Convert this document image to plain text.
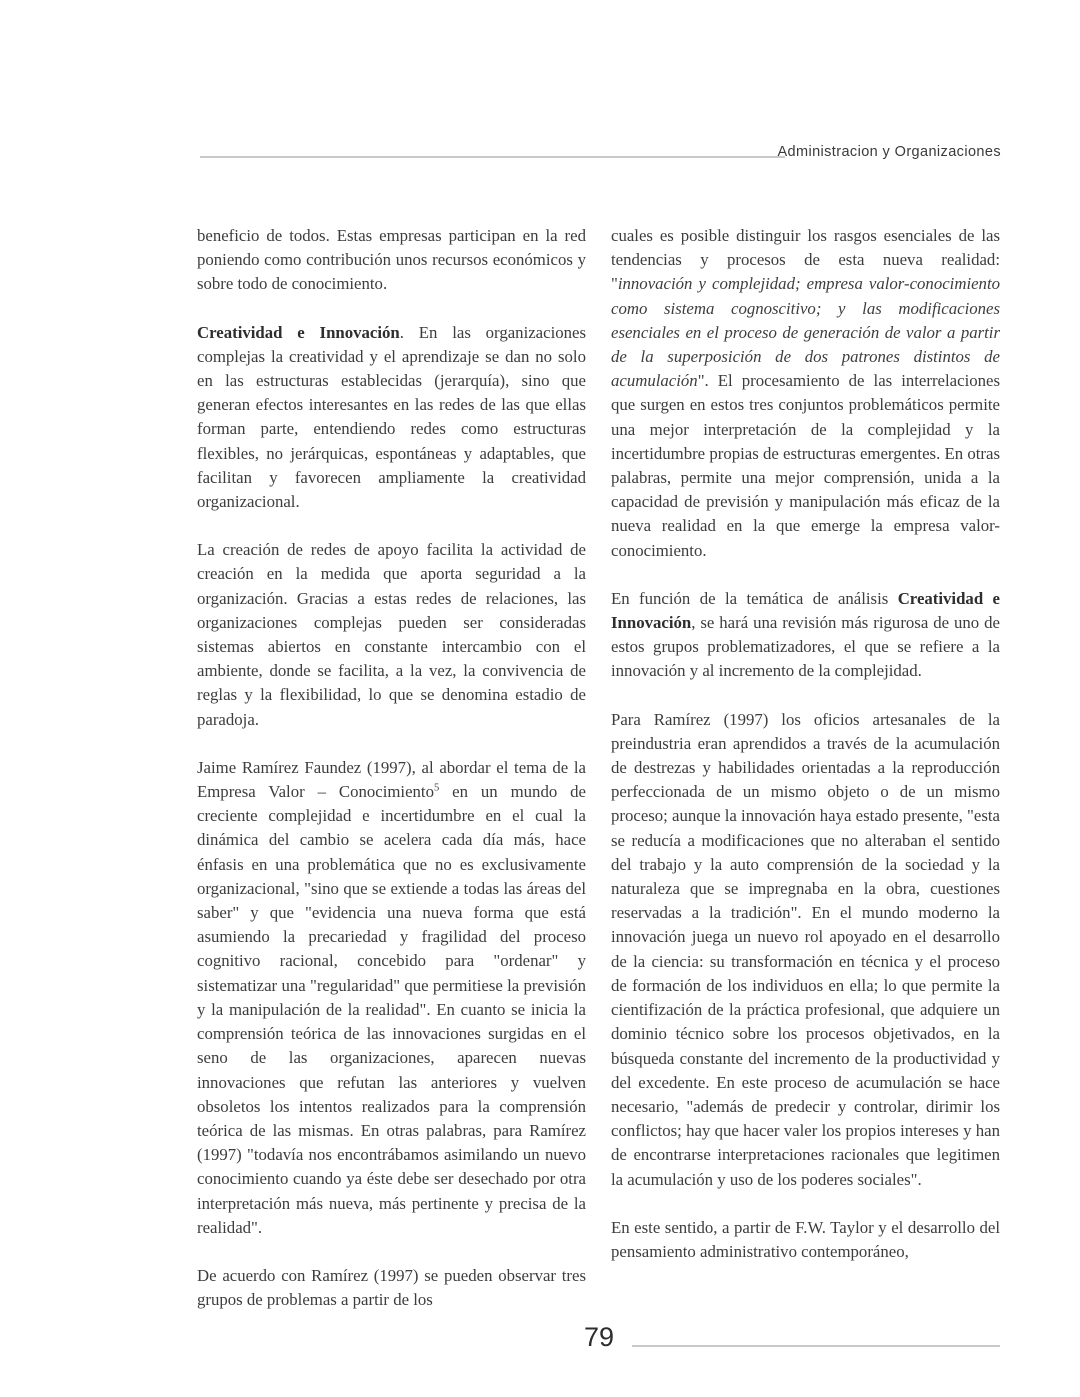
Administracion y Organizaciones

beneficio de todos. Estas empresas participan en la red poniendo como contribución unos recursos económicos y sobre todo de conocimiento.

Creatividad e Innovación. En las organizaciones complejas la creatividad y el aprendizaje se dan no solo en las estructuras establecidas (jerarquía), sino que generan efectos interesantes en las redes de las que ellas forman parte, entendiendo redes como estructuras flexibles, no jerárquicas, espontáneas y adaptables, que facilitan y favorecen ampliamente la creatividad organizacional.

La creación de redes de apoyo facilita la actividad de creación en la medida que aporta seguridad a la organización. Gracias a estas redes de relaciones, las organizaciones complejas pueden ser consideradas sistemas abiertos en constante intercambio con el ambiente, donde se facilita, a la vez, la convivencia de reglas y la flexibilidad, lo que se denomina estadio de paradoja.

Jaime Ramírez Faundez (1997), al abordar el tema de la Empresa Valor – Conocimiento$^5$ en un mundo de creciente complejidad e incertidumbre en el cual la dinámica del cambio se acelera cada día más, hace énfasis en una problemática que no es exclusivamente organizacional, "sino que se extiende a todas las áreas del saber" y que "evidencia una nueva forma que está asumiendo la precariedad y fragilidad del proceso cognitivo racional, concebido para "ordenar" y sistematizar una "regularidad" que permitiese la previsión y la manipulación de la realidad". En cuanto se inicia la comprensión teórica de las innovaciones surgidas en el seno de las organizaciones, aparecen nuevas innovaciones que refutan las anteriores y vuelven obsoletos los intentos realizados para la comprensión teórica de las mismas. En otras palabras, para Ramírez (1997) "todavía nos encontrábamos asimilando un nuevo conocimiento cuando ya éste debe ser desechado por otra interpretación más nueva, más pertinente y precisa de la realidad".

De acuerdo con Ramírez (1997) se pueden observar tres grupos de problemas a partir de los

cuales es posible distinguir los rasgos esenciales de las tendencias y procesos de esta nueva realidad: "innovación y complejidad; empresa valor-conocimiento como sistema cognoscitivo; y las modificaciones esenciales en el proceso de generación de valor a partir de la superposición de dos patrones distintos de acumulación". El procesamiento de las interrelaciones que surgen en estos tres conjuntos problemáticos permite una mejor interpretación de la complejidad y la incertidumbre propias de estructuras emergentes. En otras palabras, permite una mejor comprensión, unida a la capacidad de previsión y manipulación más eficaz de la nueva realidad en la que emerge la empresa valor-conocimiento.

En función de la temática de análisis Creatividad e Innovación, se hará una revisión más rigurosa de uno de estos grupos problematizadores, el que se refiere a la innovación y al incremento de la complejidad.

Para Ramírez (1997) los oficios artesanales de la preindustria eran aprendidos a través de la acumulación de destrezas y habilidades orientadas a la reproducción perfeccionada de un mismo objeto o de un mismo proceso; aunque la innovación haya estado presente, "esta se reducía a modificaciones que no alteraban el sentido del trabajo y la auto comprensión de la sociedad y la naturaleza que se impregnaba en la obra, cuestiones reservadas a la tradición". En el mundo moderno la innovación juega un nuevo rol apoyado en el desarrollo de la ciencia: su transformación en técnica y el proceso de formación de los individuos en ella; lo que permite la cientifización de la práctica profesional, que adquiere un dominio técnico sobre los procesos objetivados, en la búsqueda constante del incremento de la productividad y del excedente. En este proceso de acumulación se hace necesario, "además de predecir y controlar, dirimir los conflictos; hay que hacer valer los propios intereses y han de encontrarse interpretaciones racionales que legitimen la acumulación y uso de los poderes sociales".

En este sentido, a partir de F.W. Taylor y el desarrollo del pensamiento administrativo contemporáneo,

79
